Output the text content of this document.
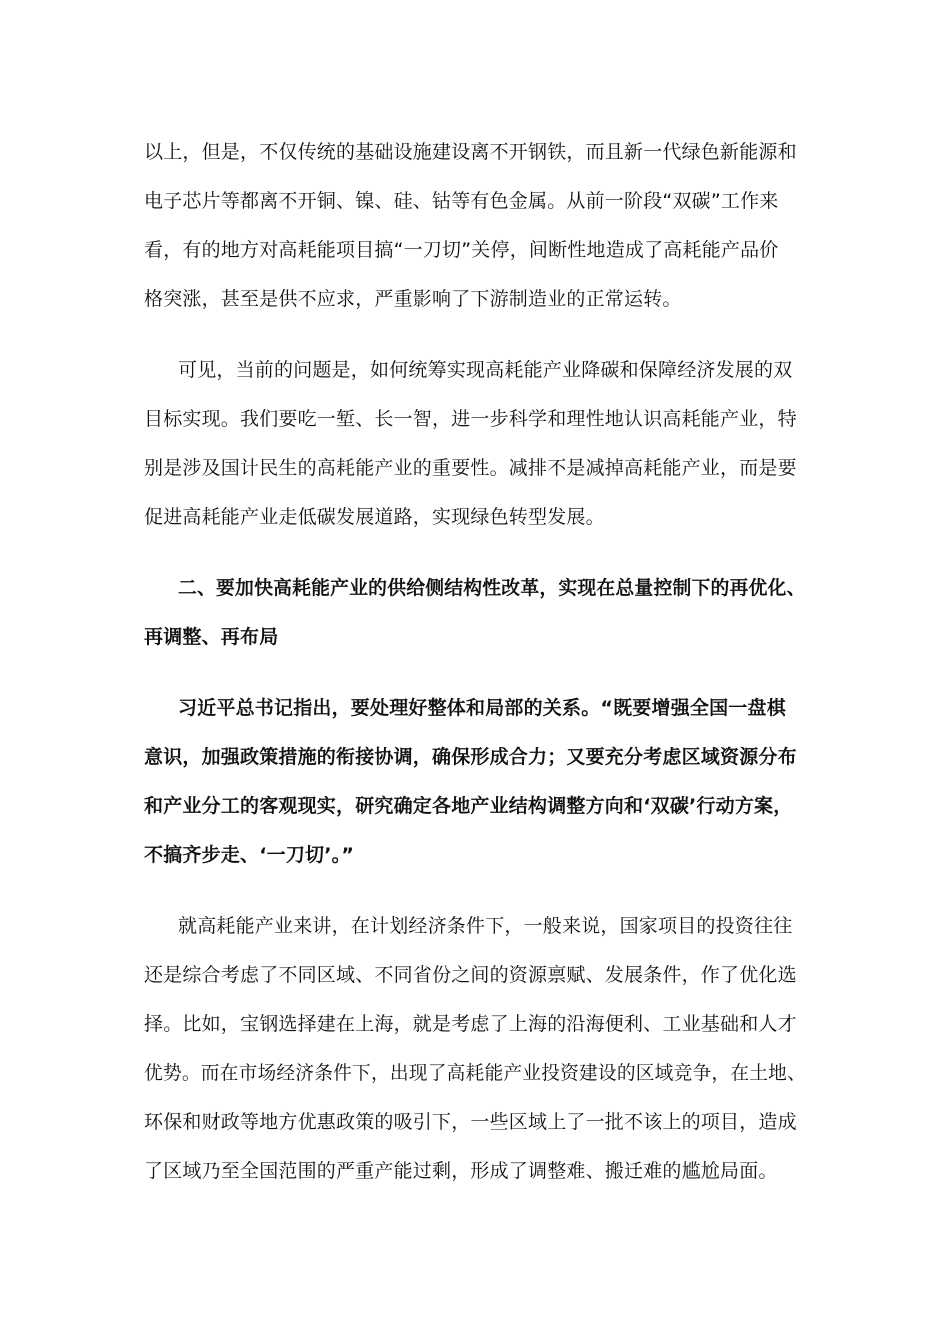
以上，但是，不仅传统的基础设施建设离不开钢铁，而且新一代绿色新能源和
电子芯片等都离不开铜、镍、硅、钴等有色金属。从前一阶段“双碳”工作来
看，有的地方对高耗能项目搞“一刀切”关停，间断性地造成了高耗能产品价
格突涨，甚至是供不应求，严重影响了下游制造业的正常运转。
可见，当前的问题是，如何统筹实现高耗能产业降碳和保障经济发展的双
目标实现。我们要吃一堑、长一智，进一步科学和理性地认识高耗能产业，特
别是涉及国计民生的高耗能产业的重要性。减排不是减掉高耗能产业，而是要
促进高耗能产业走低碳发展道路，实现绿色转型发展。
二、要加快高耗能产业的供给侧结构性改革，实现在总量控制下的再优化、
再调整、再布局
习近平总书记指出，要处理好整体和局部的关系。“既要增强全国一盘棋
意识，加强政策措施的衔接协调，确保形成合力；又要充分考虑区域资源分布
和产业分工的客观现实，研究确定各地产业结构调整方向和‘双碳’行动方案，
不搞齐步走、‘一刀切’。”
就高耗能产业来讲，在计划经济条件下，一般来说，国家项目的投资往往
还是综合考虑了不同区域、不同省份之间的资源禀赋、发展条件，作了优化选
择。比如，宝钢选择建在上海，就是考虑了上海的沿海便利、工业基础和人才
优势。而在市场经济条件下，出现了高耗能产业投资建设的区域竞争，在土地、
环保和财政等地方优惠政策的吸引下，一些区域上了一批不该上的项目，造成
了区域乃至全国范围的严重产能过剩，形成了调整难、搬迁难的尴尬局面。
